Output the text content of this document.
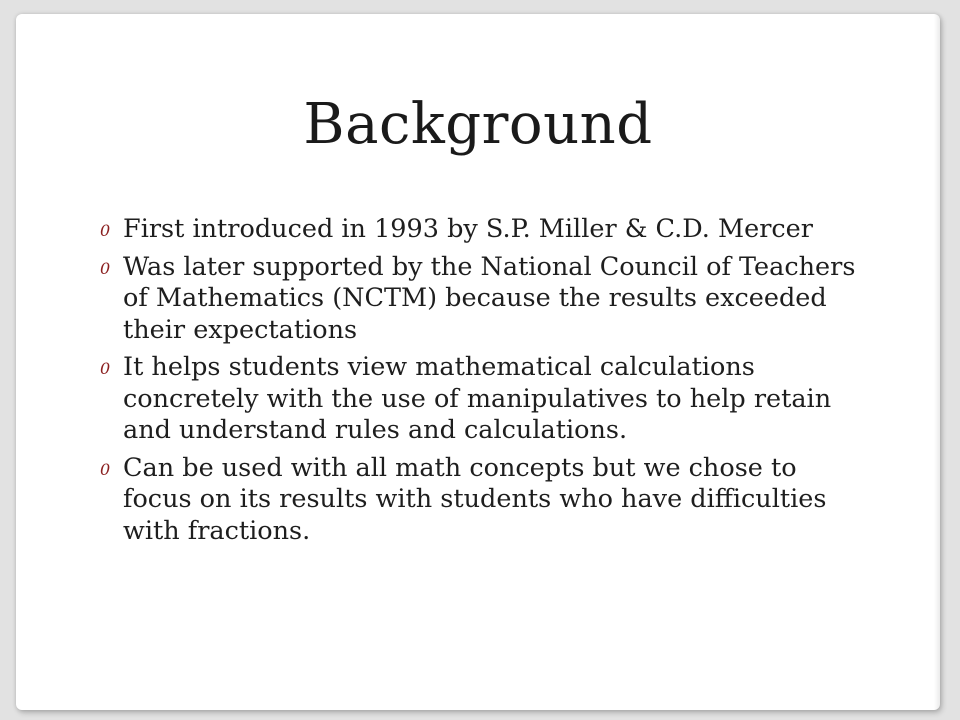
Background
0 First introduced in 1993 by S.P. Miller & C.D. Mercer
0 Was later supported by the National Council of Teachers of Mathematics (NCTM) because the results exceeded their expectations
0 It helps students view mathematical calculations concretely with the use of manipulatives to help retain and understand rules and calculations.
0 Can be used with all math concepts but we chose to focus on its results with students who have difficulties with fractions.
